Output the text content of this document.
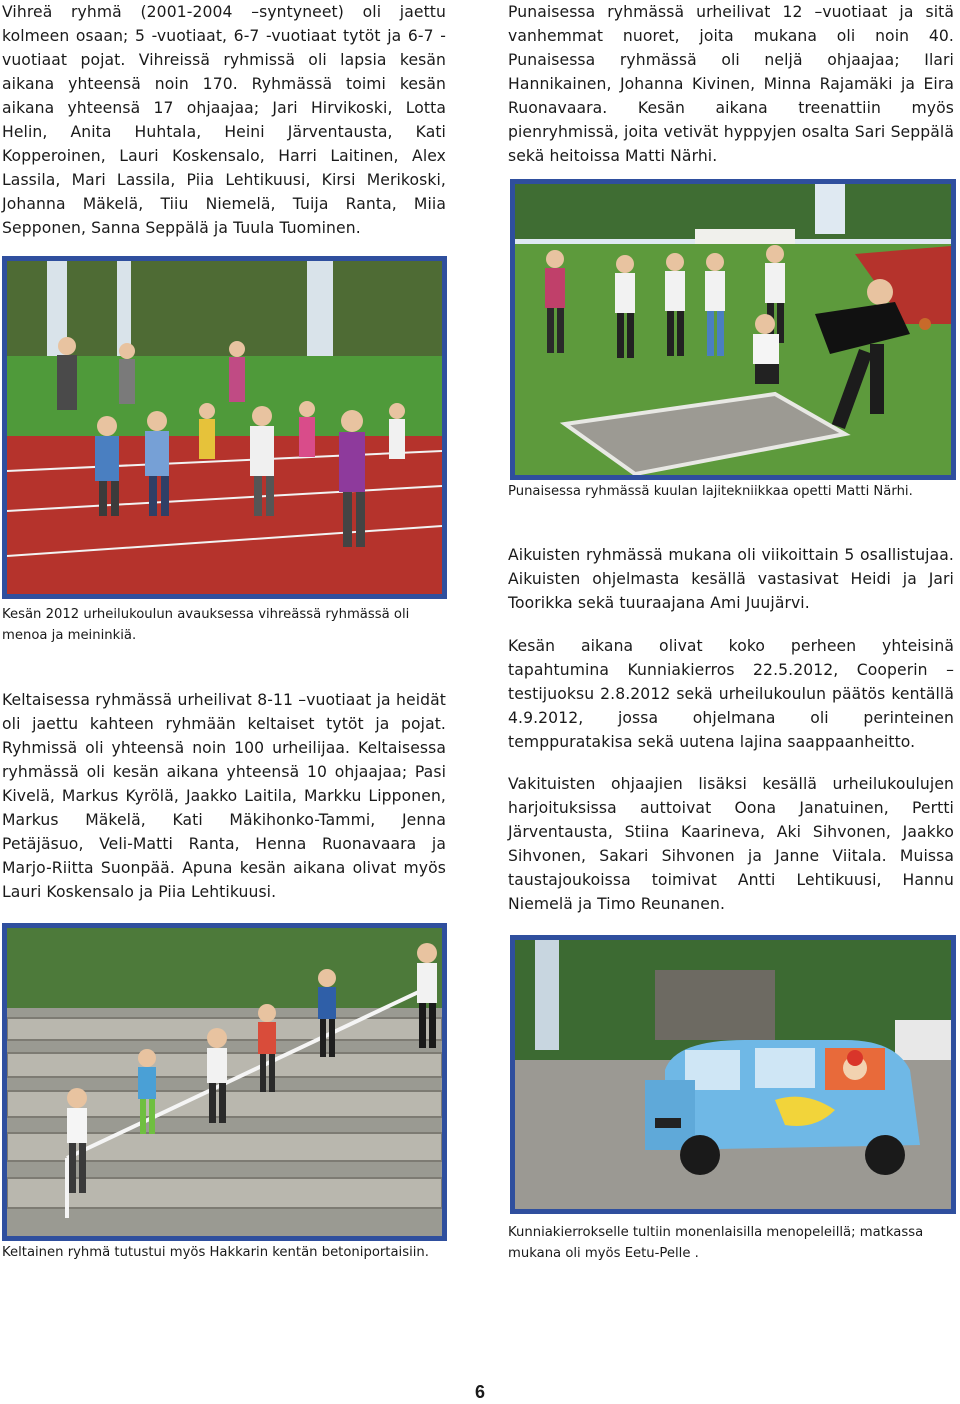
Vihreä ryhmä (2001-2004 –syntyneet) oli jaettu kolmeen osaan; 5 -vuotiaat, 6-7 -vuotiaat tytöt ja 6-7 -vuotiaat pojat. Vihreissä ryhmissä oli lapsia kesän aikana yhteensä noin 170. Ryhmässä toimi kesän aikana yhteensä 17 ohjaajaa; Jari Hirvikoski, Lotta Helin, Anita Huhtala, Heini Järventausta, Kati Kopperoinen, Lauri Koskensalo, Harri Laitinen, Alex Lassila, Mari Lassila, Piia Lehtikuusi, Kirsi Merikoski, Johanna Mäkelä, Tiiu Niemelä, Tuija Ranta, Miia Sepponen, Sanna Seppälä ja Tuula Tuominen.

Kesän 2012 urheilukoulun avauksessa vihreässä ryhmässä oli menoa ja meininkiä.

Keltaisessa ryhmässä urheilivat 8-11 –vuotiaat ja heidät oli jaettu kahteen ryhmään keltaiset tytöt ja pojat. Ryhmissä oli yhteensä noin 100 urheilijaa. Keltaisessa ryhmässä oli kesän aikana yhteensä 10 ohjaajaa; Pasi Kivelä, Markus Kyrölä, Jaakko Laitila, Markku Lipponen, Markus Mäkelä, Kati Mäkihonko-Tammi, Jenna Petäjäsuo, Veli-Matti Ranta, Henna Ruonavaara ja Marjo-Riitta Suonpää. Apuna kesän aikana olivat myös Lauri Koskensalo ja Piia Lehtikuusi.

Keltainen ryhmä tutustui myös Hakkarin kentän betoniportaisiin.

Punaisessa ryhmässä urheilivat 12 –vuotiaat ja sitä vanhemmat nuoret, joita mukana oli noin 40. Punaisessa ryhmässä oli neljä ohjaajaa; Ilari Hannikainen, Johanna Kivinen, Minna Rajamäki ja Eira Ruonavaara. Kesän aikana treenattiin myös pienryhmissä, joita vetivät hyppyjen osalta Sari Seppälä sekä heitoissa Matti Närhi.

Punaisessa ryhmässä kuulan lajitekniikkaa opetti Matti Närhi.

Aikuisten ryhmässä mukana oli viikoittain 5 osallistujaa. Aikuisten ohjelmasta kesällä vastasivat Heidi ja Jari Toorikka sekä tuuraajana Ami Juujärvi.

Kesän aikana olivat koko perheen yhteisinä tapahtumina Kunniakierros 22.5.2012, Cooperin –testijuoksu 2.8.2012 sekä urheilukoulun päätös kentällä 4.9.2012, jossa ohjelmana oli perinteinen temppuratakisa sekä uutena lajina saappaanheitto.

Vakituisten ohjaajien lisäksi kesällä urheilukoulujen harjoituksissa auttoivat Oona Janatuinen, Pertti Järventausta, Stiina Kaarineva, Aki Sihvonen, Jaakko Sihvonen, Sakari Sihvonen ja Janne Viitala. Muissa taustajoukoissa toimivat Antti Lehtikuusi, Hannu Niemelä ja Timo Reunanen.

Kunniakierrokselle tultiin monenlaisilla menopeleillä; matkassa mukana oli myös Eetu-Pelle .

6
